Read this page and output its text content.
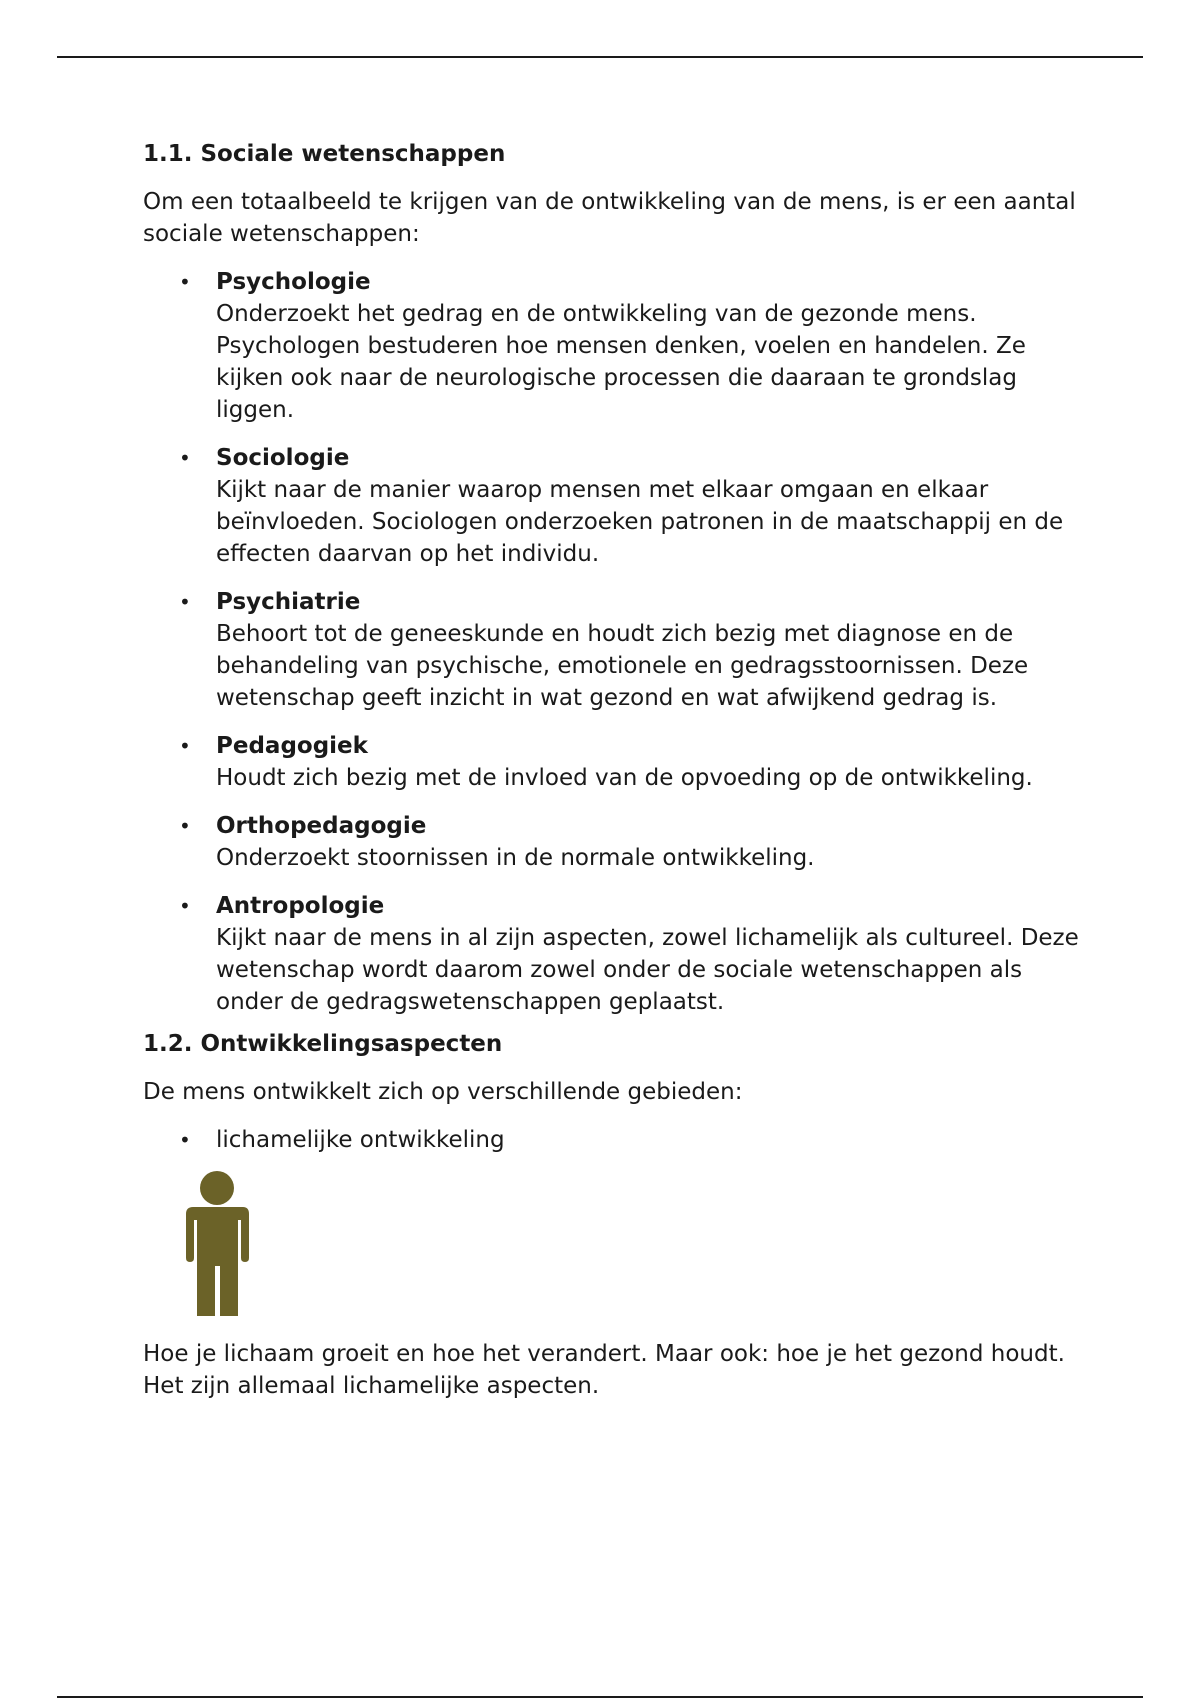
1.1. Sociale wetenschappen

Om een totaalbeeld te krijgen van de ontwikkeling van de mens, is er een aantal sociale wetenschappen:

• Psychologie
Onderzoekt het gedrag en de ontwikkeling van de gezonde mens. Psychologen bestuderen hoe mensen denken, voelen en handelen. Ze kijken ook naar de neurologische processen die daaraan te grondslag liggen.
• Sociologie
Kijkt naar de manier waarop mensen met elkaar omgaan en elkaar beïnvloeden. Sociologen onderzoeken patronen in de maatschappij en de effecten daarvan op het individu.
• Psychiatrie
Behoort tot de geneeskunde en houdt zich bezig met diagnose en de behandeling van psychische, emotionele en gedragsstoornissen. Deze wetenschap geeft inzicht in wat gezond en wat afwijkend gedrag is.
• Pedagogiek
Houdt zich bezig met de invloed van de opvoeding op de ontwikkeling.
• Orthopedagogie
Onderzoekt stoornissen in de normale ontwikkeling.
• Antropologie
Kijkt naar de mens in al zijn aspecten, zowel lichamelijk als cultureel. Deze wetenschap wordt daarom zowel onder de sociale wetenschappen als onder de gedragswetenschappen geplaatst.
1.2. Ontwikkelingsaspecten

De mens ontwikkelt zich op verschillende gebieden:

• lichamelijke ontwikkeling

Hoe je lichaam groeit en hoe het verandert. Maar ook: hoe je het gezond houdt. Het zijn allemaal lichamelijke aspecten.
